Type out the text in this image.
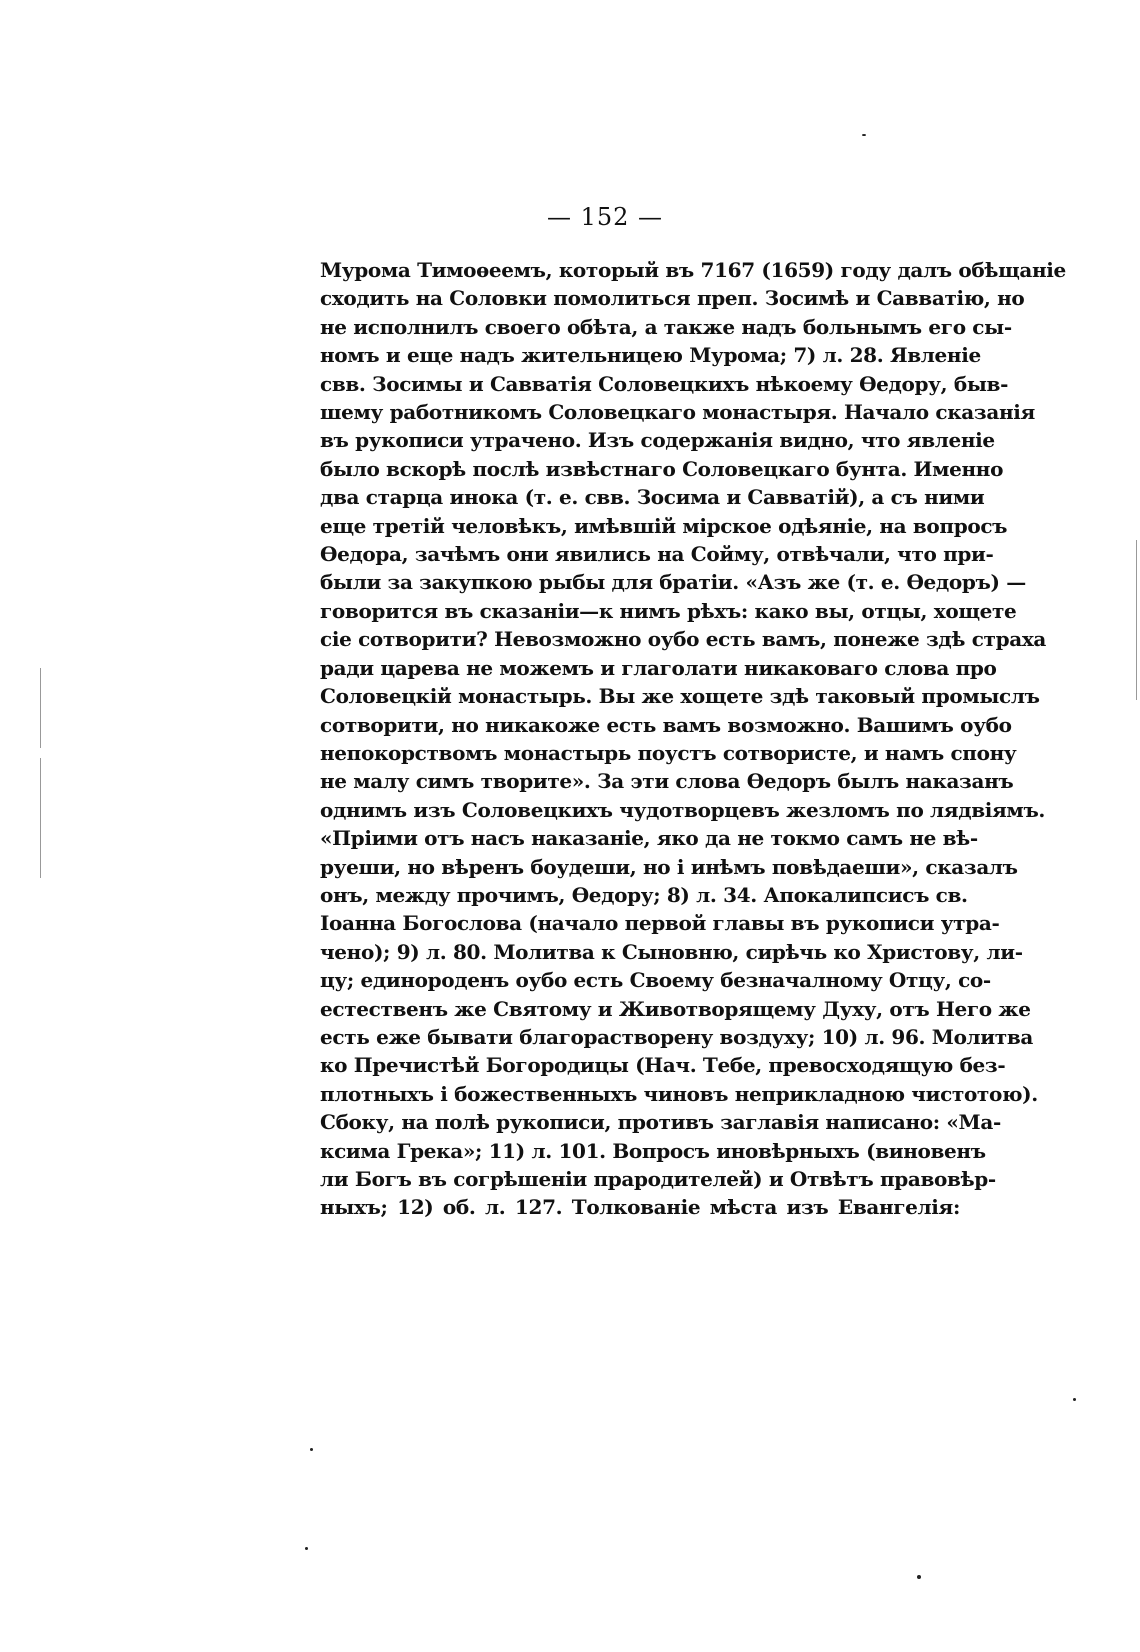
— 152 —
Мурома Тимоѳеемъ, который въ 7167 (1659) году далъ обѣщаніе
сходить на Соловки помолиться преп. Зосимѣ и Савватію, но
не исполнилъ своего обѣта, а также надъ больнымъ его сы-
номъ и еще надъ жительницею Мурома; 7) л. 28. Явленіе
свв. Зосимы и Савватія Соловецкихъ нѣкоему Ѳедору, быв-
шему работникомъ Соловецкаго монастыря. Начало сказанія
въ рукописи утрачено. Изъ содержанія видно, что явленіе
было вскорѣ послѣ извѣстнаго Соловецкаго бунта. Именно
два старца инока (т. е. свв. Зосима и Савватій), а съ ними
еще третій человѣкъ, имѣвшій мірское одѣяніе, на вопросъ
Ѳедора, зачѣмъ они явились на Сойму, отвѣчали, что при-
были за закупкою рыбы для братіи. «Азъ же (т. е. Ѳедоръ) —
говорится въ сказаніи—к нимъ рѣхъ: како вы, отцы, хощете
сіе сотворити? Невозможно оубо есть вамъ, понеже здѣ страха
ради царева не можемъ и глаголати никаковаго слова про
Соловецкій монастырь. Вы же хощете здѣ таковый промыслъ
сотворити, но никакоже есть вамъ возможно. Вашимъ оубо
непокорствомъ монастырь поустъ сотвористе, и намъ спону
не малу симъ творите». За эти слова Ѳедоръ былъ наказанъ
однимъ изъ Соловецкихъ чудотворцевъ жезломъ по лядвіямъ.
«Пріими отъ насъ наказаніе, яко да не токмо самъ не вѣ-
руеши, но вѣренъ боудеши, но і инѣмъ повѣдаеши», сказалъ
онъ, между прочимъ, Ѳедору; 8) л. 34. Апокалипсисъ св.
Іоанна Богослова (начало первой главы въ рукописи утра-
чено); 9) л. 80. Молитва к Сыновню, сирѣчь ко Христову, ли-
цу; единороденъ оубо есть Своему безначалному Отцу, со-
естественъ же Святому и Животворящему Духу, отъ Него же
есть еже бывати благорастворену воздуху; 10) л. 96. Молитва
ко Пречистѣй Богородицы (Нач. Тебе, превосходящую без-
плотныхъ і божественныхъ чиновъ неприкладною чистотою).
Сбоку, на полѣ рукописи, противъ заглавія написано: «Ма-
ксима Грека»; 11) л. 101. Вопросъ иновѣрныхъ (виновенъ
ли Богъ въ согрѣшеніи прародителей) и Отвѣтъ правовѣр-
ныхъ; 12) об. л. 127. Толкованіе мѣста изъ Евангелія:
